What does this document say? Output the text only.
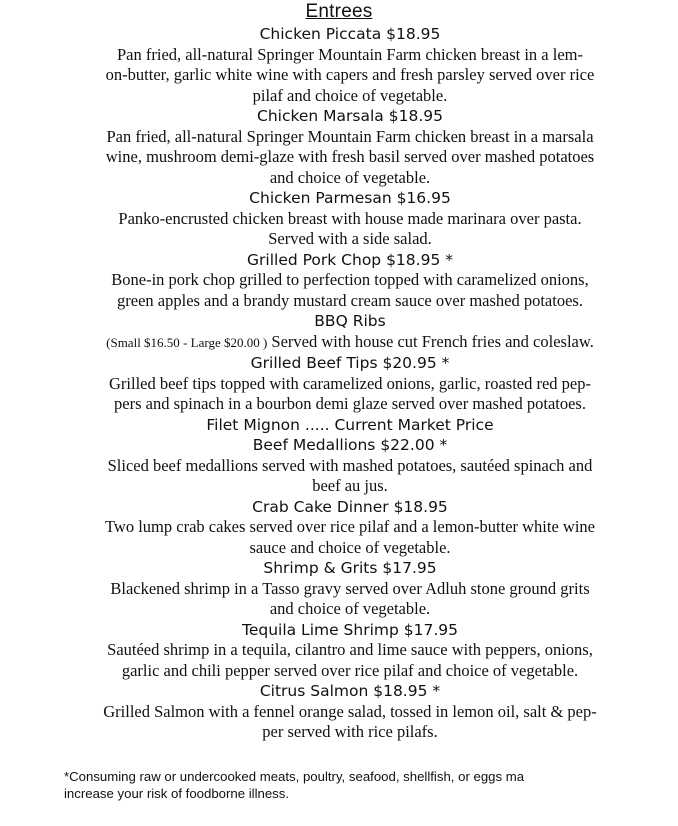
Entrees
Chicken Piccata $18.95
Pan fried, all-natural Springer Mountain Farm chicken breast in a lem-
on-butter, garlic white wine with capers and fresh parsley served over rice
pilaf and choice of vegetable.
Chicken Marsala $18.95
Pan fried, all-natural Springer Mountain Farm chicken breast in a marsala
wine, mushroom demi-glaze with fresh basil served over mashed potatoes
and choice of vegetable.
Chicken Parmesan $16.95
Panko-encrusted chicken breast with house made marinara over pasta.
Served with a side salad.
Grilled Pork Chop $18.95 *
Bone-in pork chop grilled to perfection topped with caramelized onions,
green apples and a brandy mustard cream sauce over mashed potatoes.
BBQ Ribs
(Small $16.50 - Large $20.00 ) Served with house cut French fries and coleslaw.
Grilled Beef Tips $20.95 *
Grilled beef tips topped with caramelized onions, garlic, roasted red pep-
pers and spinach in a bourbon demi glaze served over mashed potatoes.
Filet Mignon ..... Current Market Price
Beef Medallions $22.00 *
Sliced beef medallions served with mashed potatoes, sautéed spinach and
beef au jus.
Crab Cake Dinner $18.95
Two lump crab cakes served over rice pilaf and a lemon-butter white wine
sauce and choice of vegetable.
Shrimp & Grits $17.95
Blackened shrimp in a Tasso gravy served over Adluh stone ground grits
and choice of vegetable.
Tequila Lime Shrimp $17.95
Sautéed shrimp in a tequila, cilantro and lime sauce with peppers, onions,
garlic and chili pepper served over rice pilaf and choice of vegetable.
Citrus Salmon $18.95 *
Grilled Salmon with a fennel orange salad, tossed in lemon oil, salt & pep-
per served with rice pilafs.
*Consuming raw or undercooked meats, poultry, seafood, shellfish, or eggs ma
increase your risk of foodborne illness.
